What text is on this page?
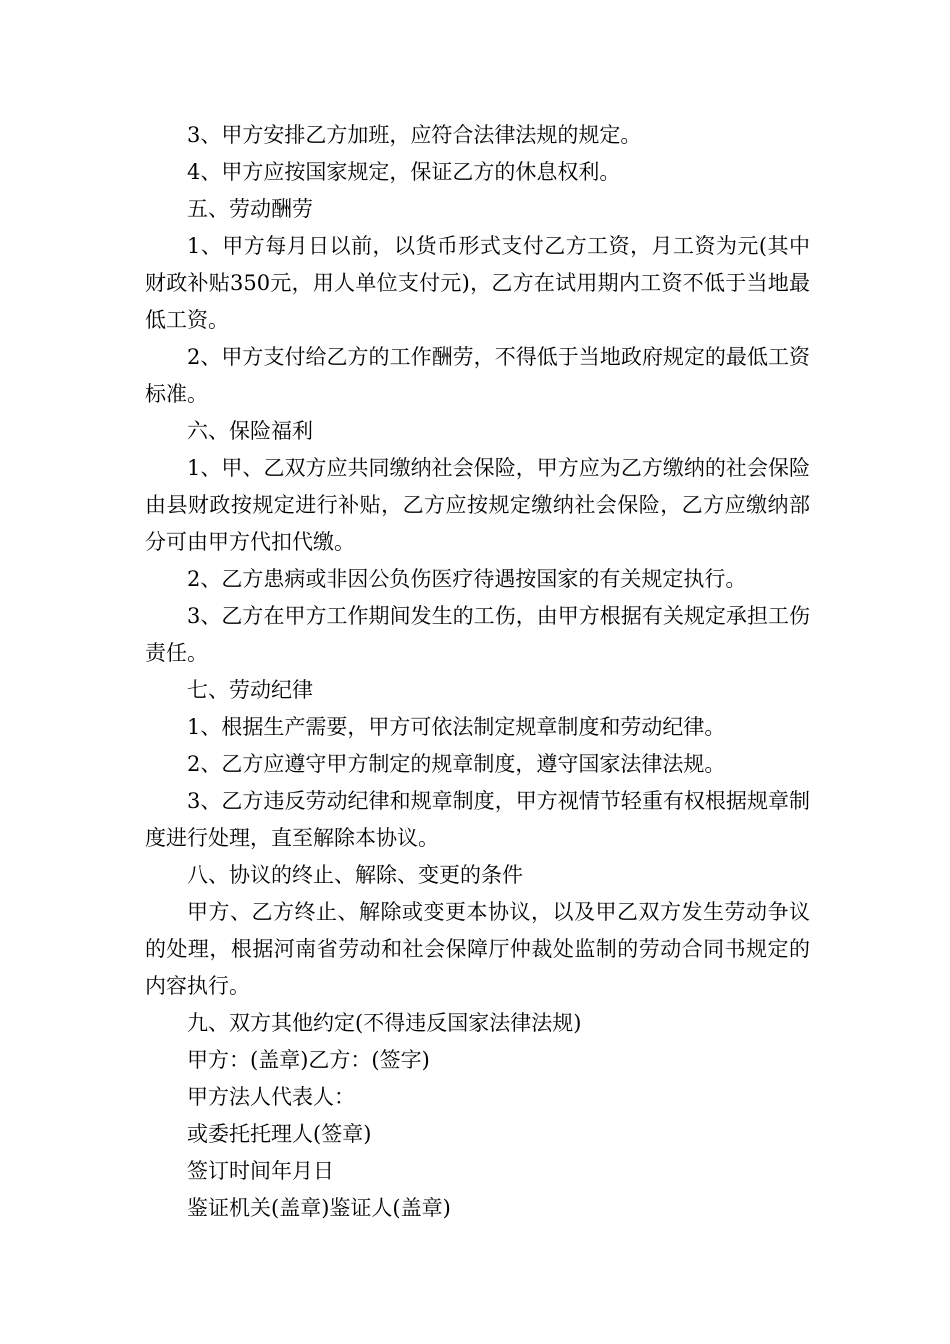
3、甲方安排乙方加班，应符合法律法规的规定。

4、甲方应按国家规定，保证乙方的休息权利。

五、劳动酬劳

1、甲方每月日以前，以货币形式支付乙方工资，月工资为元(其中财政补贴350元，用人单位支付元)，乙方在试用期内工资不低于当地最低工资。

2、甲方支付给乙方的工作酬劳，不得低于当地政府规定的最低工资标准。

六、保险福利

1、甲、乙双方应共同缴纳社会保险，甲方应为乙方缴纳的社会保险由县财政按规定进行补贴，乙方应按规定缴纳社会保险，乙方应缴纳部分可由甲方代扣代缴。

2、乙方患病或非因公负伤医疗待遇按国家的有关规定执行。

3、乙方在甲方工作期间发生的工伤，由甲方根据有关规定承担工伤责任。

七、劳动纪律

1、根据生产需要，甲方可依法制定规章制度和劳动纪律。

2、乙方应遵守甲方制定的规章制度，遵守国家法律法规。

3、乙方违反劳动纪律和规章制度，甲方视情节轻重有权根据规章制度进行处理，直至解除本协议。

八、协议的终止、解除、变更的条件

甲方、乙方终止、解除或变更本协议，以及甲乙双方发生劳动争议的处理，根据河南省劳动和社会保障厅仲裁处监制的劳动合同书规定的内容执行。

九、双方其他约定(不得违反国家法律法规)

甲方：(盖章)乙方：(签字)

甲方法人代表人：

或委托托理人(签章)

签订时间年月日

鉴证机关(盖章)鉴证人(盖章)
